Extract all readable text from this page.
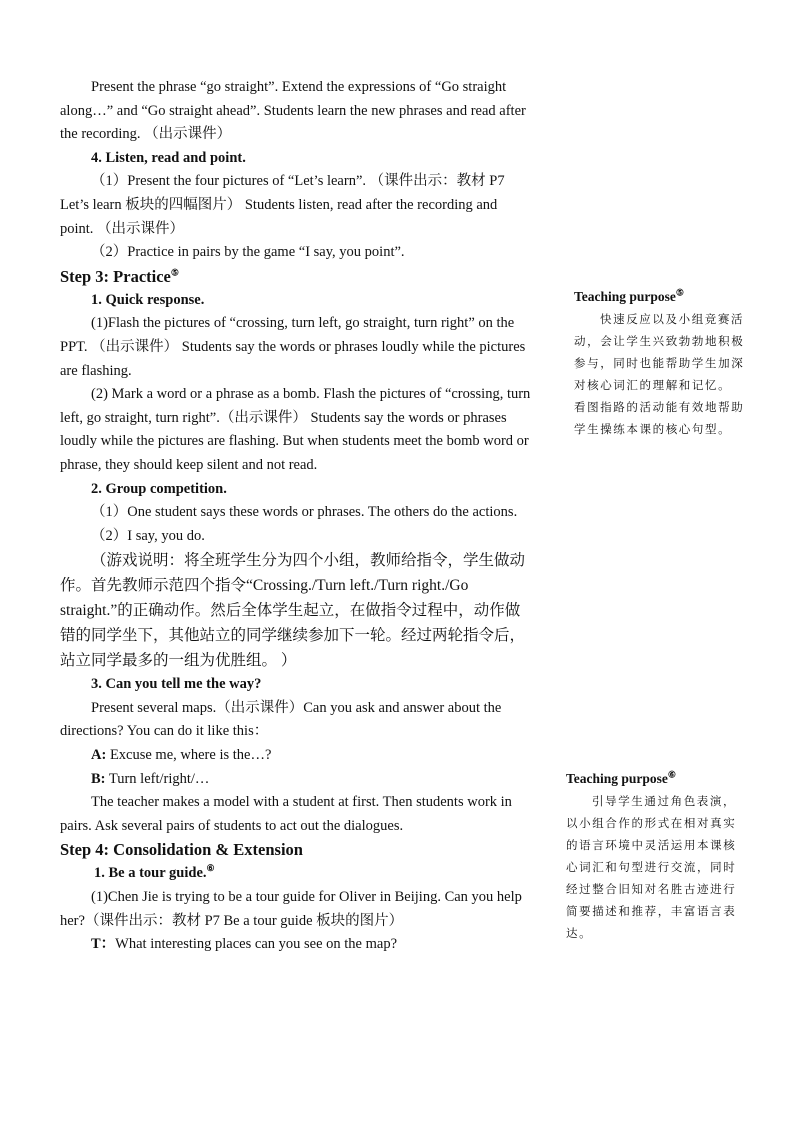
Present the phrase “go straight”. Extend the expressions of “Go straight along…” and “Go straight ahead”. Students learn the new phrases and read after the recording. （出示课件）

4. Listen, read and point.

（1）Present the four pictures of “Let’s learn”. （课件出示：教材 P7 Let’s learn 板块的四幅图片） Students listen, read after the recording and point. （出示课件）

（2）Practice in pairs by the game “I say, you point”.

Step 3: Practice⑤

1. Quick response.

(1)Flash the pictures of “crossing, turn left, go straight, turn right” on the PPT. （出示课件） Students say the words or phrases loudly while the pictures are flashing.

(2) Mark a word or a phrase as a bomb. Flash the pictures of “crossing, turn left, go straight, turn right”.（出示课件） Students say the words or phrases loudly while the pictures are flashing. But when students meet the bomb word or phrase, they should keep silent and not read.

2. Group competition.

（1）One student says these words or phrases. The others do the actions.

（2）I say, you do.

（游戏说明：将全班学生分为四个小组，教师给指令，学生做动作。首先教师示范四个指令“Crossing./Turn left./Turn right./Go straight.”的正确动作。然后全体学生起立，在做指令过程中，动作做错的同学坐下，其他站立的同学继续参加下一轮。经过两轮指令后，站立同学最多的一组为优胜组。 ）

3. Can you tell me the way?

Present several maps.（出示课件）Can you ask and answer about the directions? You can do it like this：

A: Excuse me, where is the…?

B: Turn left/right/…

The teacher makes a model with a student at first. Then students work in pairs. Ask several pairs of students to act out the dialogues.

Step 4: Consolidation & Extension

1. Be a tour guide.⑥

(1)Chen Jie is trying to be a tour guide for Oliver in Beijing. Can you help her?（课件出示：教材 P7 Be a tour guide 板块的图片）

T：What interesting places can you see on the map?

Teaching purpose⑤

快速反应以及小组竞赛活动，会让学生兴致勃勃地积极参与，同时也能帮助学生加深对核心词汇的理解和记忆。 看图指路的活动能有效地帮助学生操练本课的核心句型。

Teaching purpose⑥

引导学生通过角色表演，以小组合作的形式在相对真实的语言环境中灵活运用本课核心词汇和句型进行交流，同时经过整合旧知对名胜古迹进行简要描述和推荐，丰富语言表达。
